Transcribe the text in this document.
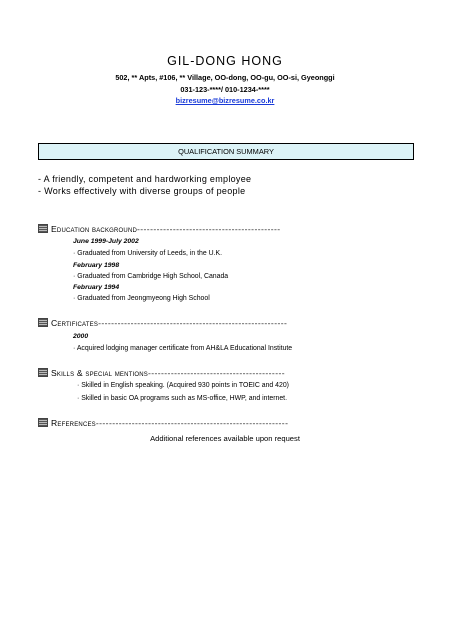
GIL-DONG HONG
502, ** Apts, #106, ** Village, OO-dong, OO-gu, OO-si, Gyeonggi
031-123-****/ 010-1234-****
bizresume@bizresume.co.kr
QUALIFICATION SUMMARY
- A friendly, competent and hardworking employee
- Works effectively with diverse groups of people
Education background--------------------------------------------
June 1999-July 2002
· Graduated from University of Leeds, in the U.K.
February 1998
· Graduated from Cambridge High School, Canada
February 1994
· Graduated from Jeongmyeong High School
Certificates----------------------------------------------------------
2000
· Acquired lodging manager certificate from AH&LA Educational Institute
Skills & special mentions------------------------------------------
· Skilled in English speaking. (Acquired 930 points in TOEIC and 420)
· Skilled in basic OA programs such as MS-office, HWP, and internet.
References-----------------------------------------------------------
Additional references available upon request
